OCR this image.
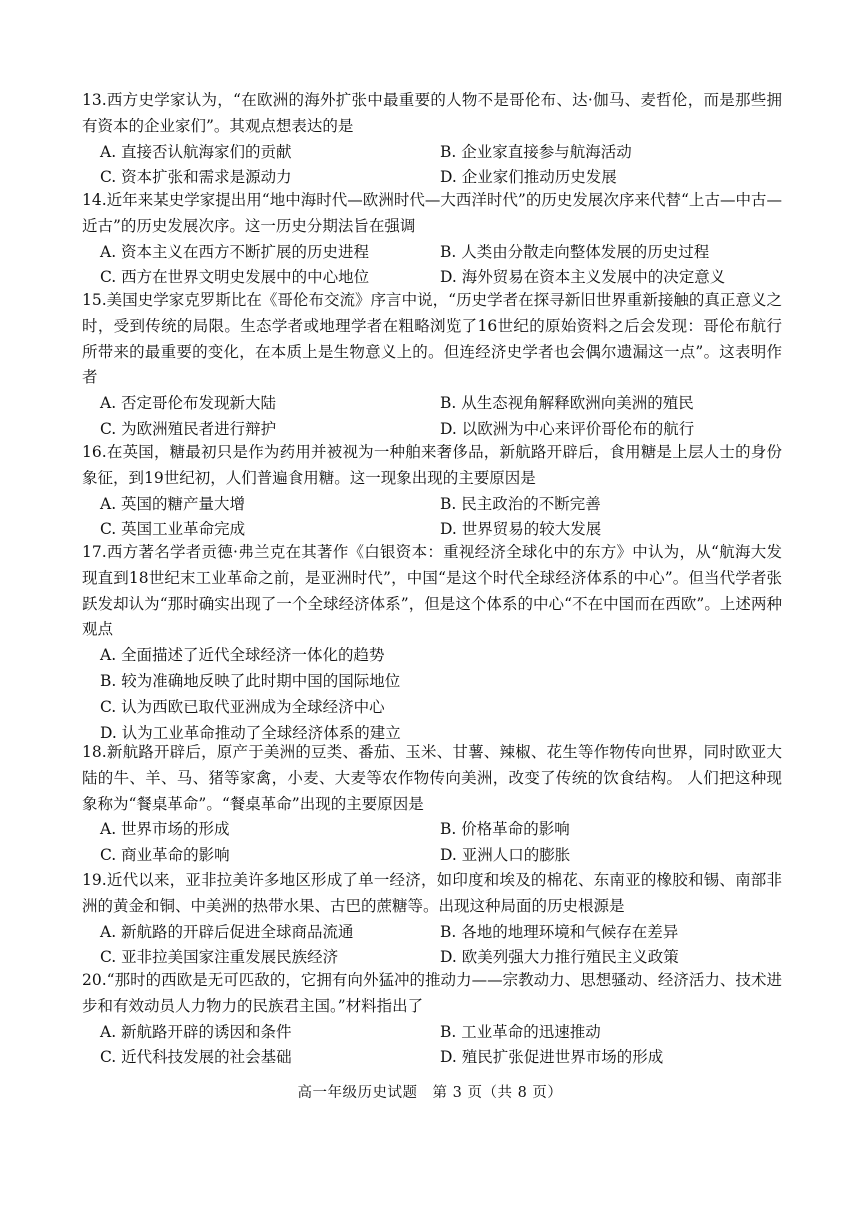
13.西方史学家认为，“在欧洲的海外扩张中最重要的人物不是哥伦布、达·伽马、麦哲伦，而是那些拥有资本的企业家们”。其观点想表达的是
A. 直接否认航海家们的贡献	B. 企业家直接参与航海活动
C. 资本扩张和需求是源动力	D. 企业家们推动历史发展
14.近年来某史学家提出用“地中海时代—欧洲时代—大西洋时代”的历史发展次序来代替“上古—中古—近古”的历史发展次序。这一历史分期法旨在强调
A. 资本主义在西方不断扩展的历史进程	B. 人类由分散走向整体发展的历史过程
C. 西方在世界文明史发展中的中心地位	D. 海外贸易在资本主义发展中的决定意义
15.美国史学家克罗斯比在《哥伦布交流》序言中说，“历史学者在探寻新旧世界重新接触的真正意义之时，受到传统的局限。生态学者或地理学者在粗略浏览了16世纪的原始资料之后会发现：哥伦布航行所带来的最重要的变化，在本质上是生物意义上的。但连经济史学者也会偶尔遗漏这一点”。这表明作者
A. 否定哥伦布发现新大陆	B. 从生态视角解释欧洲向美洲的殖民
C. 为欧洲殖民者进行辩护	D. 以欧洲为中心来评价哥伦布的航行
16.在英国，糖最初只是作为药用并被视为一种舶来奢侈品，新航路开辟后，食用糖是上层人士的身份象征，到19世纪初，人们普遍食用糖。这一现象出现的主要原因是
A. 英国的糖产量大增	B. 民主政治的不断完善
C. 英国工业革命完成	D. 世界贸易的较大发展
17.西方著名学者贡德·弗兰克在其著作《白银资本：重视经济全球化中的东方》中认为，从“航海大发现直到18世纪末工业革命之前，是亚洲时代”，中国“是这个时代全球经济体系的中心”。但当代学者张跃发却认为“那时确实出现了一个全球经济体系”，但是这个体系的中心“不在中国而在西欧”。上述两种观点
A. 全面描述了近代全球经济一体化的趋势
B. 较为准确地反映了此时期中国的国际地位
C. 认为西欧已取代亚洲成为全球经济中心
D. 认为工业革命推动了全球经济体系的建立
18.新航路开辟后，原产于美洲的豆类、番茄、玉米、甘薯、辣椒、花生等作物传向世界，同时欧亚大陆的牛、羊、马、猪等家禽，小麦、大麦等农作物传向美洲，改变了传统的饮食结构。 人们把这种现象称为“餐桌革命”。“餐桌革命”出现的主要原因是
A. 世界市场的形成	B. 价格革命的影响
C. 商业革命的影响	D. 亚洲人口的膨胀
19.近代以来，亚非拉美许多地区形成了单一经济，如印度和埃及的棉花、东南亚的橡胶和锡、南部非洲的黄金和铜、中美洲的热带水果、古巴的蔗糖等。出现这种局面的历史根源是
A. 新航路的开辟后促进全球商品流通	B. 各地的地理环境和气候存在差异
C. 亚非拉美国家注重发展民族经济	D. 欧美列强大力推行殖民主义政策
20.“那时的西欧是无可匹敌的，它拥有向外猛冲的推动力——宗教动力、思想骚动、经济活力、技术进步和有效动员人力物力的民族君主国。”材料指出了
A. 新航路开辟的诱因和条件	B. 工业革命的迅速推动
C. 近代科技发展的社会基础	D. 殖民扩张促进世界市场的形成
高一年级历史试题　第 3 页（共 8 页）
